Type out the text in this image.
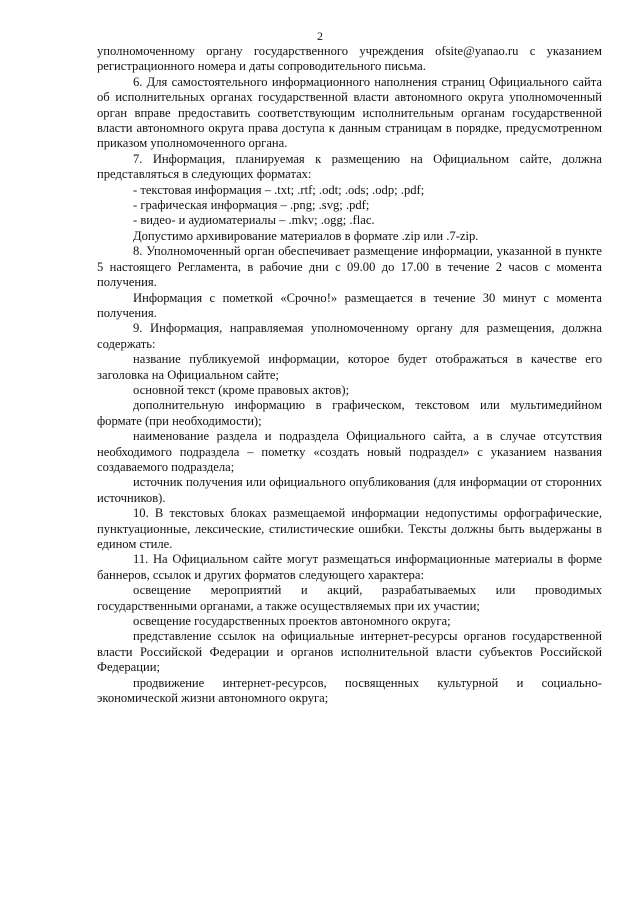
2

уполномоченному органу государственного учреждения ofsite@yanao.ru с указанием регистрационного номера и даты сопроводительного письма.

6. Для самостоятельного информационного наполнения страниц Официального сайта об исполнительных органах государственной власти автономного округа уполномоченный орган вправе предоставить соответствующим исполнительным органам государственной власти автономного округа права доступа к данным страницам в порядке, предусмотренном приказом уполномоченного органа.

7. Информация, планируемая к размещению на Официальном сайте, должна представляться в следующих форматах:

- текстовая информация – .txt; .rtf; .odt; .ods; .odp; .pdf;

- графическая информация – .png; .svg; .pdf;

- видео- и аудиоматериалы – .mkv; .ogg; .flac.

Допустимо архивирование материалов в формате .zip или .7-zip.

8. Уполномоченный орган обеспечивает размещение информации, указанной в пункте 5 настоящего Регламента, в рабочие дни с 09.00 до 17.00 в течение 2 часов с момента получения.

Информация с пометкой «Срочно!» размещается в течение 30 минут с момента получения.

9. Информация, направляемая уполномоченному органу для размещения, должна содержать:

название публикуемой информации, которое будет отображаться в качестве его заголовка на Официальном сайте;

основной текст (кроме правовых актов);

дополнительную информацию в графическом, текстовом или мультимедийном формате (при необходимости);

наименование раздела и подраздела Официального сайта, а в случае отсутствия необходимого подраздела – пометку «создать новый подраздел» с указанием названия создаваемого подраздела;

источник получения или официального опубликования (для информации от сторонних источников).

10. В текстовых блоках размещаемой информации недопустимы орфографические, пунктуационные, лексические, стилистические ошибки. Тексты должны быть выдержаны в едином стиле.

11. На Официальном сайте могут размещаться информационные материалы в форме баннеров, ссылок и других форматов следующего характера:

освещение мероприятий и акций, разрабатываемых или проводимых государственными органами, а также осуществляемых при их участии;

освещение государственных проектов автономного округа;

представление ссылок на официальные интернет-ресурсы органов государственной власти Российской Федерации и органов исполнительной власти субъектов Российской Федерации;

продвижение интернет-ресурсов, посвященных культурной и социально-экономической жизни автономного округа;
